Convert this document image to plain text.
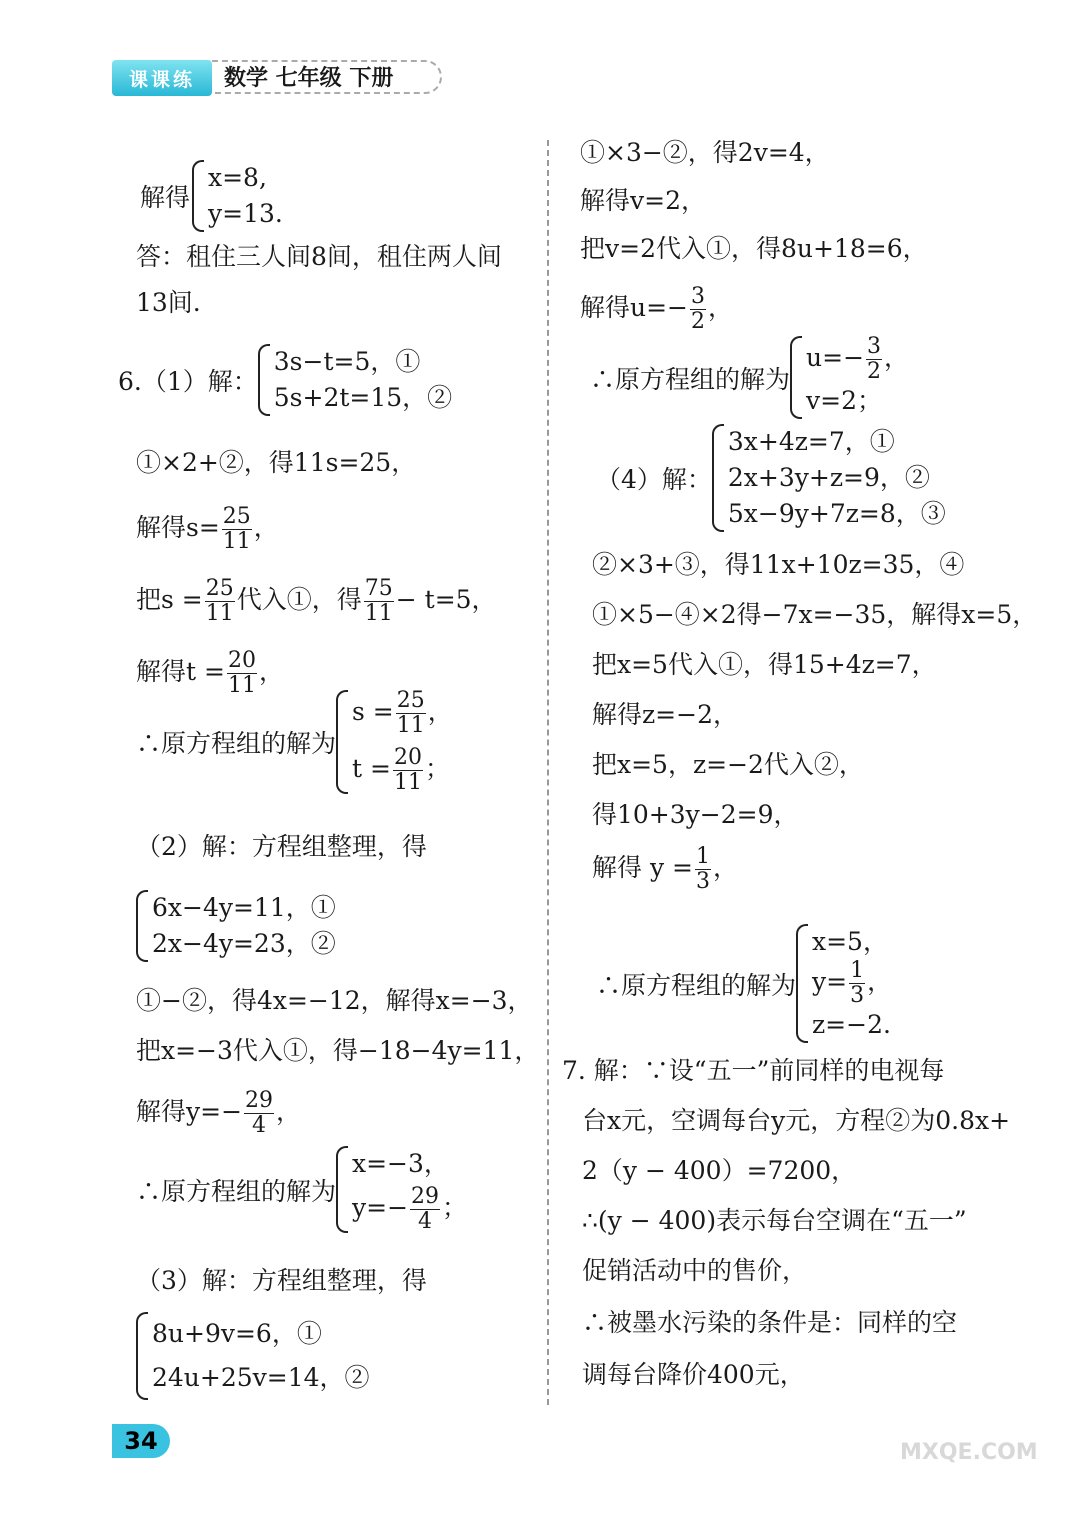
课课练	数学 七年级 下册
解得
x=8,
y=13.
答：租住三人间8间，租住两人间
13间.
6.（1）解：
3s−t=5，①
5s+2t=15，②
①×2+②，得11s=25，
解得$s= \frac{25}{11}$ ，
把$s = \frac{25}{11}$ 代入①，得 $\frac{75}{11} - t=5$，
解得$t = \frac{20}{11}$ ，
∴原方程组的解为
$s = \frac{25}{11}$ ，
$t = \frac{20}{11}$ ；
（2）解：方程组整理，得
6x−4y=11，①
2x−4y=23，②
①−②，得4x=−12，解得x=−3，
把x=−3代入①，得−18−4y=11，
解得$y=- \frac{29}{4}$ ，
∴原方程组的解为
x=−3，
$y=- \frac{29}{4}$ ；
（3）解：方程组整理，得
8u+9v=6，①
24u+25v=14，②
①×3−②，得2v=4，
解得v=2，
把v=2代入①，得8u+18=6，
解得$u=- \frac{3}{2}$ ，
∴原方程组的解为
$u=- \frac{3}{2}$ ，
v=2；
（4）解：
3x+4z=7，①
2x+3y+z=9，②
5x−9y+7z=8，③
②×3+③，得11x+10z=35，④
①×5−④×2得−7x=−35，解得x=5，
把x=5代入①，得15+4z=7，
解得z=−2，
把x=5，z=−2代入②，
得10+3y−2=9，
解得 $y = \frac{1}{3}$ ，
∴原方程组的解为
x=5，
$y= \frac{1}{3}$ ，
z=−2.
7. 解：∵设“五一”前同样的电视每
台x元，空调每台y元，方程②为0.8x+
2（y − 400）=7200，
∴(y − 400)表示每台空调在“五一”
促销活动中的售价，
∴被墨水污染的条件是：同样的空
调每台降价400元，
34	MXQE.COM
